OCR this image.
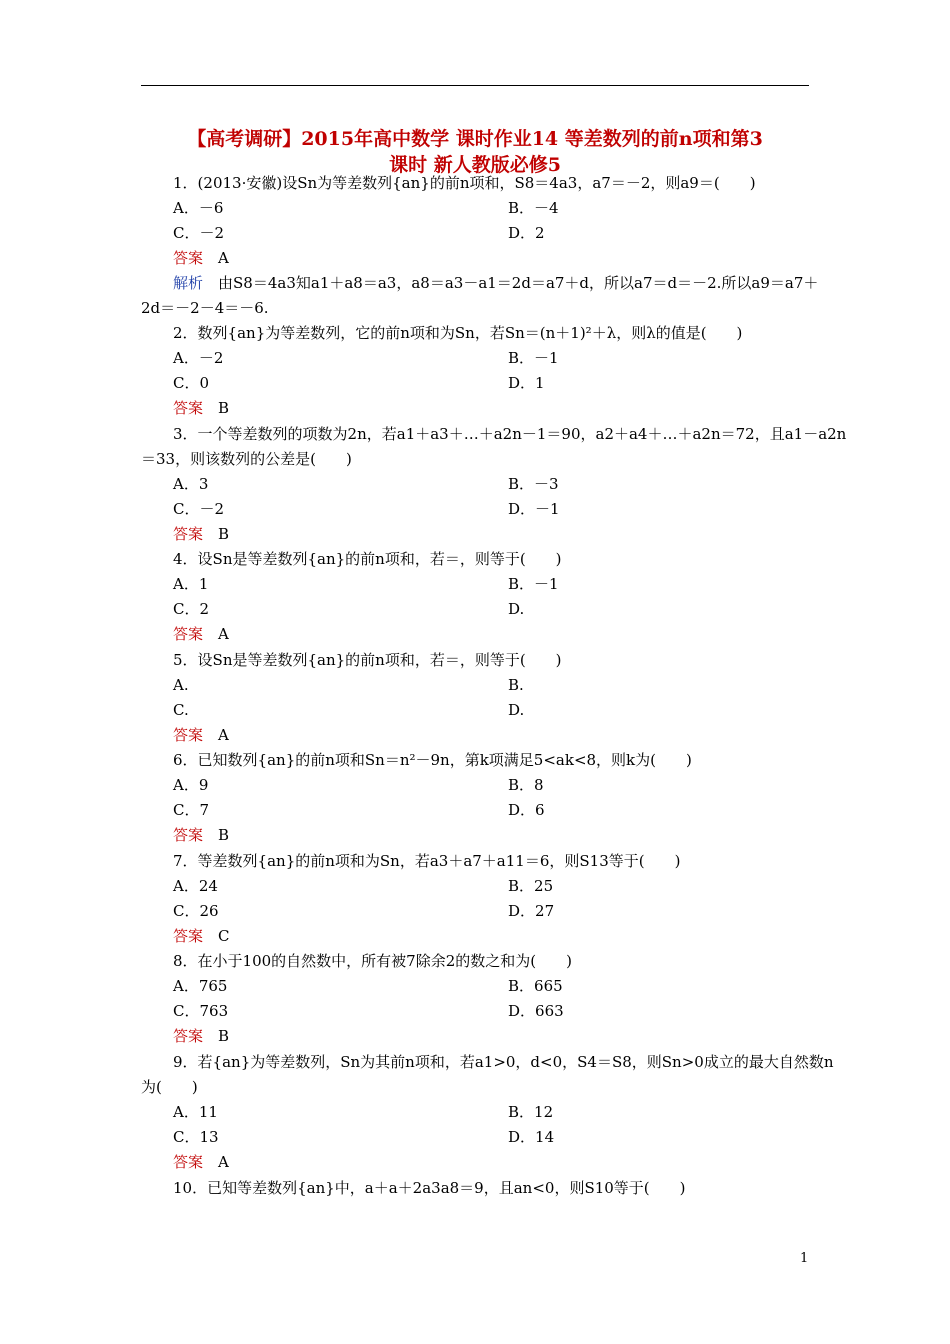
【高考调研】2015年高中数学 课时作业14 等差数列的前n项和第3
课时 新人教版必修5
1．(2013·安徽)设Sn为等差数列{an}的前n项和，S8＝4a3，a7＝－2，则a9＝(　　)
A．－6	B．－4
C．－2	D．2
答案　 A
解析　 由S8＝4a3知a1＋a8＝a3，a8＝a3－a1＝2d＝a7＋d，所以a7＝d＝－2.所以a9＝a7＋
2d＝－2－4＝－6.
2．数列{an}为等差数列，它的前n项和为Sn，若Sn＝(n＋1)²＋λ，则λ的值是(　　)
A．－2	B．－1
C．0	D．1
答案　 B
3．一个等差数列的项数为2n，若a1＋a3＋…＋a2n－1＝90，a2＋a4＋…＋a2n＝72，且a1－a2n
＝33，则该数列的公差是(　　)
A．3	B．－3
C．－2	D．－1
答案　 B
4．设Sn是等差数列{an}的前n项和，若＝，则等于(　　)
A．1	B．－1
C．2	D.
答案　 A
5．设Sn是等差数列{an}的前n项和，若＝，则等于(　　)
A.	B.
C.	D.
答案　 A
6．已知数列{an}的前n项和Sn＝n²－9n，第k项满足5<ak<8，则k为(　　)
A．9	B．8
C．7	D．6
答案　 B
7．等差数列{an}的前n项和为Sn，若a3＋a7＋a11＝6，则S13等于(　　)
A．24	B．25
C．26	D．27
答案　 C
8．在小于100的自然数中，所有被7除余2的数之和为(　　)
A．765	B．665
C．763	D．663
答案　 B
9．若{an}为等差数列，Sn为其前n项和，若a1>0，d<0，S4＝S8，则Sn>0成立的最大自然数n
为(　　)
A．11	B．12
C．13	D．14
答案　 A
10．已知等差数列{an}中，a＋a＋2a3a8＝9，且an<0，则S10等于(　　)
1
